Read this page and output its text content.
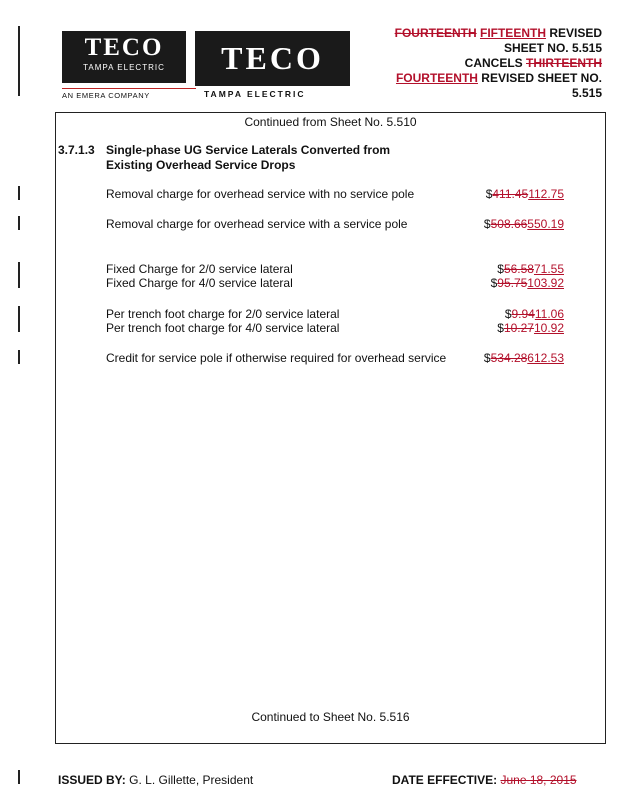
TECO
TAMPA ELECTRIC
AN EMERA COMPANY
TECO
TAMPA ELECTRIC
FOURTEENTH FIFTEENTH REVISED
SHEET NO. 5.515
CANCELS THIRTEENTH
FOURTEENTH REVISED SHEET NO.
5.515
Continued from Sheet No. 5.510
3.7.1.3 Single-phase UG Service Laterals Converted from
Existing Overhead Service Drops
Removal charge for overhead service with no service pole	$411.45112.75
Removal charge for overhead service with a service pole	$508.66550.19
Fixed Charge for 2/0 service lateral	$56.5871.55
Fixed Charge for 4/0 service lateral	$95.75103.92
Per trench foot charge for 2/0 service lateral	$9.9411.06
Per trench foot charge for 4/0 service lateral	$10.2710.92
Credit for service pole if otherwise required for overhead service	$534.28612.53
Continued to Sheet No. 5.516
ISSUED BY: G. L. Gillette, President	DATE EFFECTIVE: June 18, 2015
